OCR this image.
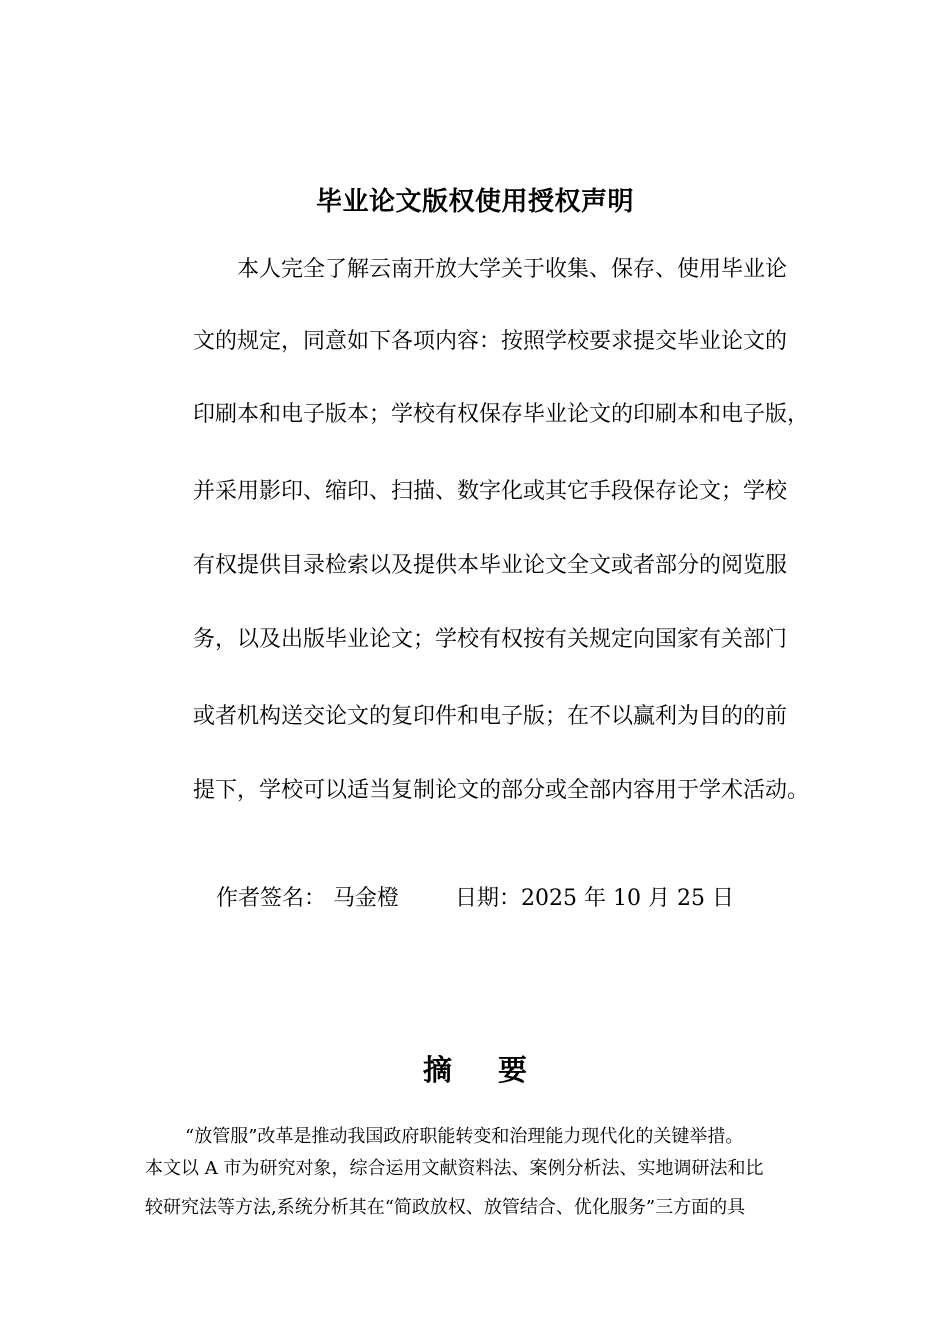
毕业论文版权使用授权声明
本人完全了解云南开放大学关于收集、保存、使用毕业论
文的规定，同意如下各项内容：按照学校要求提交毕业论文的
印刷本和电子版本；学校有权保存毕业论文的印刷本和电子版，
并采用影印、缩印、扫描、数字化或其它手段保存论文；学校
有权提供目录检索以及提供本毕业论文全文或者部分的阅览服
务，以及出版毕业论文；学校有权按有关规定向国家有关部门
或者机构送交论文的复印件和电子版；在不以赢利为目的的前
提下，学校可以适当复制论文的部分或全部内容用于学术活动。
作者签名： 马金橙	日期：2025 年 10 月 25 日
摘 要
“放管服”改革是推动我国政府职能转变和治理能力现代化的关键举措。
本文以 A 市为研究对象，综合运用文献资料法、案例分析法、实地调研法和比
较研究法等方法,系统分析其在“简政放权、放管结合、优化服务”三方面的具
